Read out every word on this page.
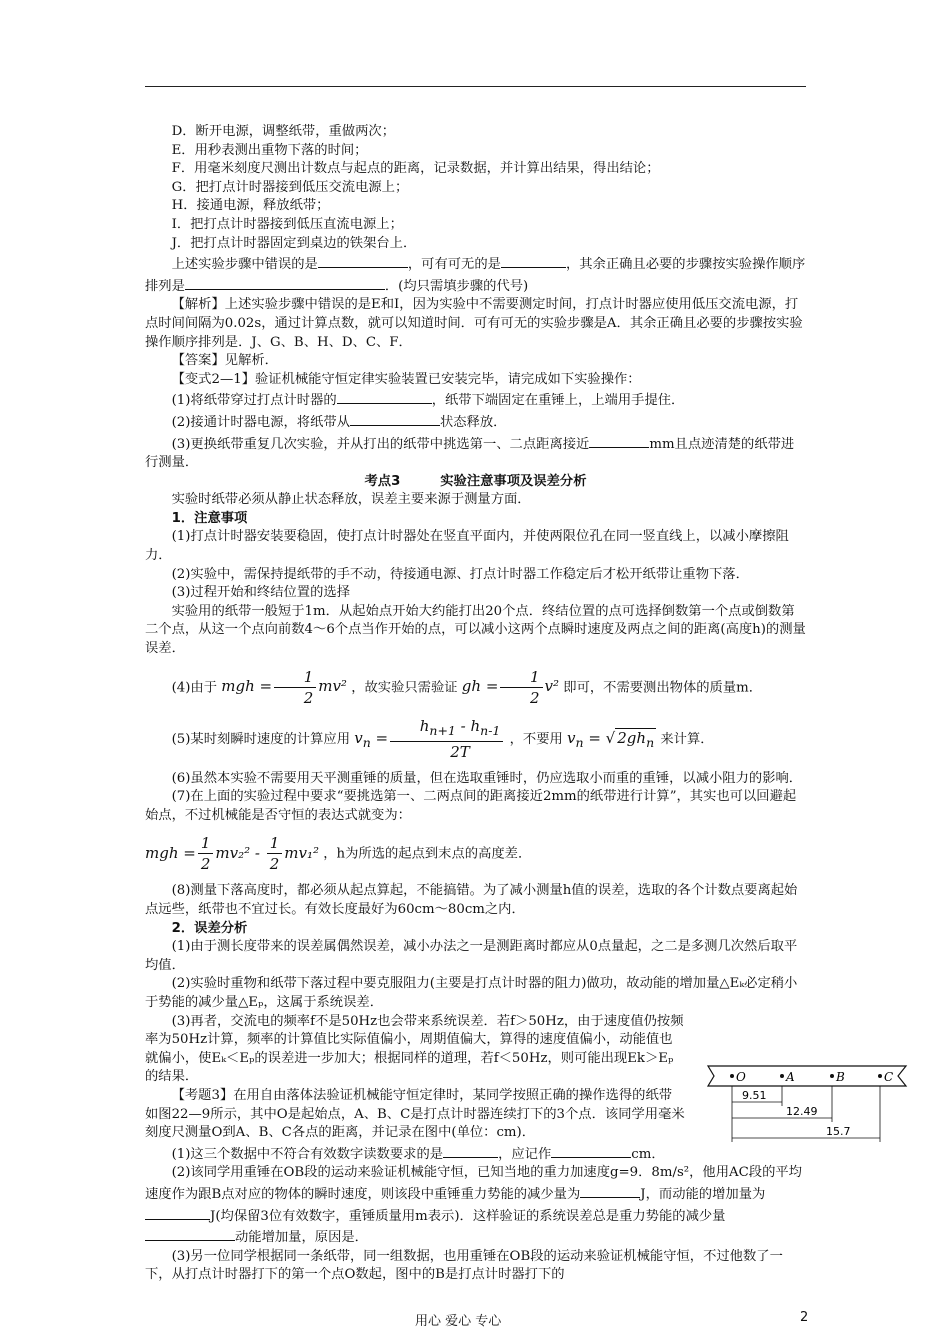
D．断开电源，调整纸带，重做两次；

E．用秒表测出重物下落的时间；

F．用毫米刻度尺测出计数点与起点的距离，记录数据，并计算出结果，得出结论；

G．把打点计时器接到低压交流电源上；

H．接通电源，释放纸带；

I．把打点计时器接到低压直流电源上；

J．把打点计时器固定到桌边的铁架台上．

上述实验步骤中错误的是	，可有可无的是	，其余正确且必要的步骤按实验操作顺序排列是	．(均只需填步骤的代号)

【解析】上述实验步骤中错误的是E和I，因为实验中不需要测定时间，打点计时器应使用低压交流电源，打点时间间隔为0.02s，通过计算点数，就可以知道时间．可有可无的实验步骤是A．其余正确且必要的步骤按实验操作顺序排列是．J、G、B、H、D、C、F．

【答案】见解析．

【变式2—1】验证机械能守恒定律实验装置已安装完毕，请完成如下实验操作：

(1)将纸带穿过打点计时器的	，纸带下端固定在重锤上，上端用手提住．

(2)接通计时器电源，将纸带从	状态释放．

(3)更换纸带重复几次实验，并从打出的纸带中挑选第一、二点距离接近	mm且点迹清楚的纸带进行测量．

考点3　　　实验注意事项及误差分析

实验时纸带必须从静止状态释放，误差主要来源于测量方面．

1．注意事项

(1)打点计时器安装要稳固，使打点计时器处在竖直平面内，并使两限位孔在同一竖直线上，以减小摩擦阻力．

(2)实验中，需保持提纸带的手不动，待接通电源、打点计时器工作稳定后才松开纸带让重物下落．

(3)过程开始和终结位置的选择

实验用的纸带一般短于1m．从起始点开始大约能打出20个点．终结位置的点可选择倒数第一个点或倒数第二个点，从这一个点向前数4～6个点当作开始的点，可以减小这两个点瞬时速度及两点之间的距离(高度h)的测量误差．

(4)由于 mgh = $\frac{1}{2} mv^2$ ，故实验只需验证 gh = $\frac{1}{2} v^2$ 即可，不需要测出物体的质量m．

(5)某时刻瞬时速度的计算应用 $v_n = \frac{h_{n+1} - h_{n-1}}{2T}$ ，不要用 $v_n$ = √ $2gh_n$ 来计算．

(6)虽然本实验不需要用天平测重锤的质量，但在选取重锤时，仍应选取小而重的重锤，以减小阻力的影响．

(7)在上面的实验过程中要求“要挑选第一、二两点间的距离接近2mm的纸带进行计算”，其实也可以回避起始点，不过机械能是否守恒的表达式就变为：

mgh = $\frac{1}{2} mv_2^2 - \frac{1}{2} mv_1^2$ ，h为所选的起点到末点的高度差．

(8)测量下落高度时，都必须从起点算起，不能搞错。为了减小测量h值的误差，选取的各个计数点要离起始点远些，纸带也不宜过长。有效长度最好为60cm～80cm之内．

2．误差分析

(1)由于测长度带来的误差属偶然误差，减小办法之一是测距离时都应从0点量起，之二是多测几次然后取平均值．

(2)实验时重物和纸带下落过程中要克服阻力(主要是打点计时器的阻力)做功，故动能的增加量△Eₖ必定稍小于势能的减少量△Eₚ，这属于系统误差．

(3)再者，交流电的频率f不是50Hz也会带来系统误差．若f＞50Hz，由于速度值仍按频率为50Hz计算，频率的计算值比实际值偏小，周期值偏大，算得的速度值偏小，动能值也就偏小，使Eₖ＜Eₚ的误差进一步加大；根据同样的道理，若f＜50Hz，则可能出现Ek＞Eₚ的结果．

【考题3】在用自由落体法验证机械能守恒定律时，某同学按照正确的操作选得的纸带如图22—9所示，其中O是起始点，A、B、C是打点计时器连续打下的3个点．该同学用毫米刻度尺测量O到A、B、C各点的距离，并记录在图中(单位：cm)．

(1)这三个数据中不符合有效数字读数要求的是	，应记作	cm．

(2)该同学用重锤在OB段的运动来验证机械能守恒，已知当地的重力加速度g=9．8m/s²，他用AC段的平均速度作为跟B点对应的物体的瞬时速度，则该段中重锤重力势能的减少量为	J，而动能的增加量为J(均保留3位有效数字，重锤质量用m表示)．这样验证的系统误差总是重力势能的减少量动能增加量，原因是．

(3)另一位同学根据同一条纸带，同一组数据，也用重锤在OB段的运动来验证机械能守恒，不过他数了一下，从打点计时器打下的第一个点O数起，图中的B是打点计时器打下的

O	A	B	C
9.51
12.49
15.7
用心 爱心 专心	2
